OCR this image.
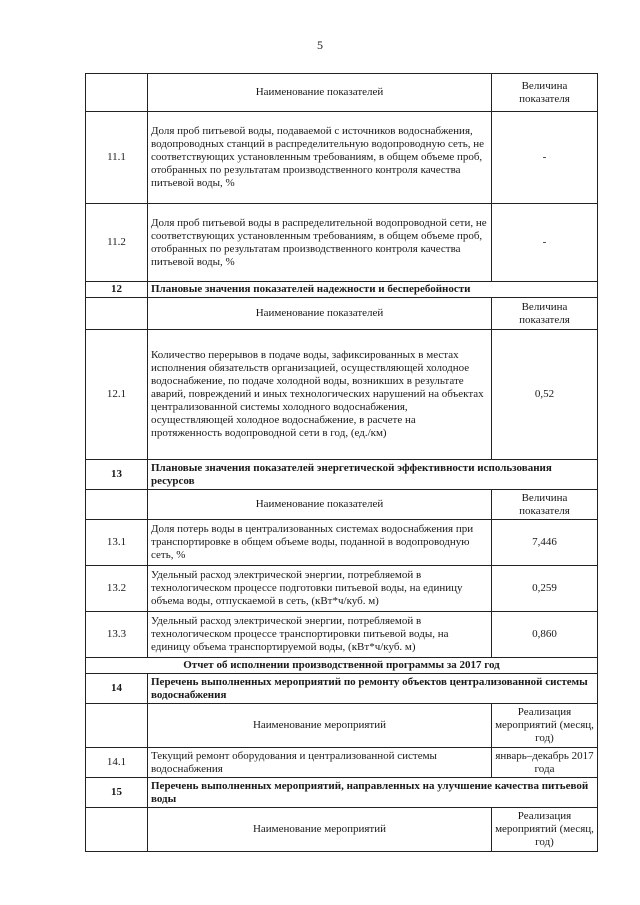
5
	Наименование показателей	Величина показателя
11.1	Доля проб питьевой воды, подаваемой с источников водоснабжения, водопроводных станций в распределительную водопроводную сеть, не соответствующих установленным требованиям, в общем объеме проб, отобранных по результатам производственного контроля качества питьевой воды, %	-
11.2	Доля проб питьевой воды в распределительной водопроводной сети, не соответствующих установленным требованиям, в общем объеме проб, отобранных по результатам производственного контроля качества питьевой воды, %	-
12	Плановые значения показателей надежности и бесперебойности	
	Наименование показателей	Величина показателя
12.1	Количество перерывов в подаче воды, зафиксированных в местах исполнения обязательств организацией, осуществляющей холодное водоснабжение, по подаче холодной воды, возникших в результате аварий, повреждений и иных технологических нарушений на объектах централизованной системы холодного водоснабжения, осуществляющей холодное водоснабжение, в расчете на протяженность водопроводной сети в год, (ед./км)	0,52
13	Плановые значения показателей энергетической эффективности использования ресурсов	
	Наименование показателей	Величина показателя
13.1	Доля потерь воды в централизованных системах водоснабжения при транспортировке в общем объеме воды, поданной в водопроводную сеть, %	7,446
13.2	Удельный расход электрической энергии, потребляемой в технологическом процессе подготовки питьевой воды, на единицу объема воды, отпускаемой в сеть, (кВт*ч/куб. м)	0,259
13.3	Удельный расход электрической энергии, потребляемой в технологическом процессе транспортировки питьевой воды, на единицу объема транспортируемой воды, (кВт*ч/куб. м)	0,860
Отчет об исполнении производственной программы за 2017 год		
14	Перечень выполненных мероприятий по ремонту объектов централизованной системы водоснабжения	
	Наименование мероприятий	Реализация мероприятий (месяц, год)
14.1	Текущий ремонт оборудования и централизованной системы водоснабжения	январь–декабрь 2017 года
15	Перечень выполненных мероприятий, направленных на улучшение качества питьевой воды	
	Наименование мероприятий	Реализация мероприятий (месяц, год)
